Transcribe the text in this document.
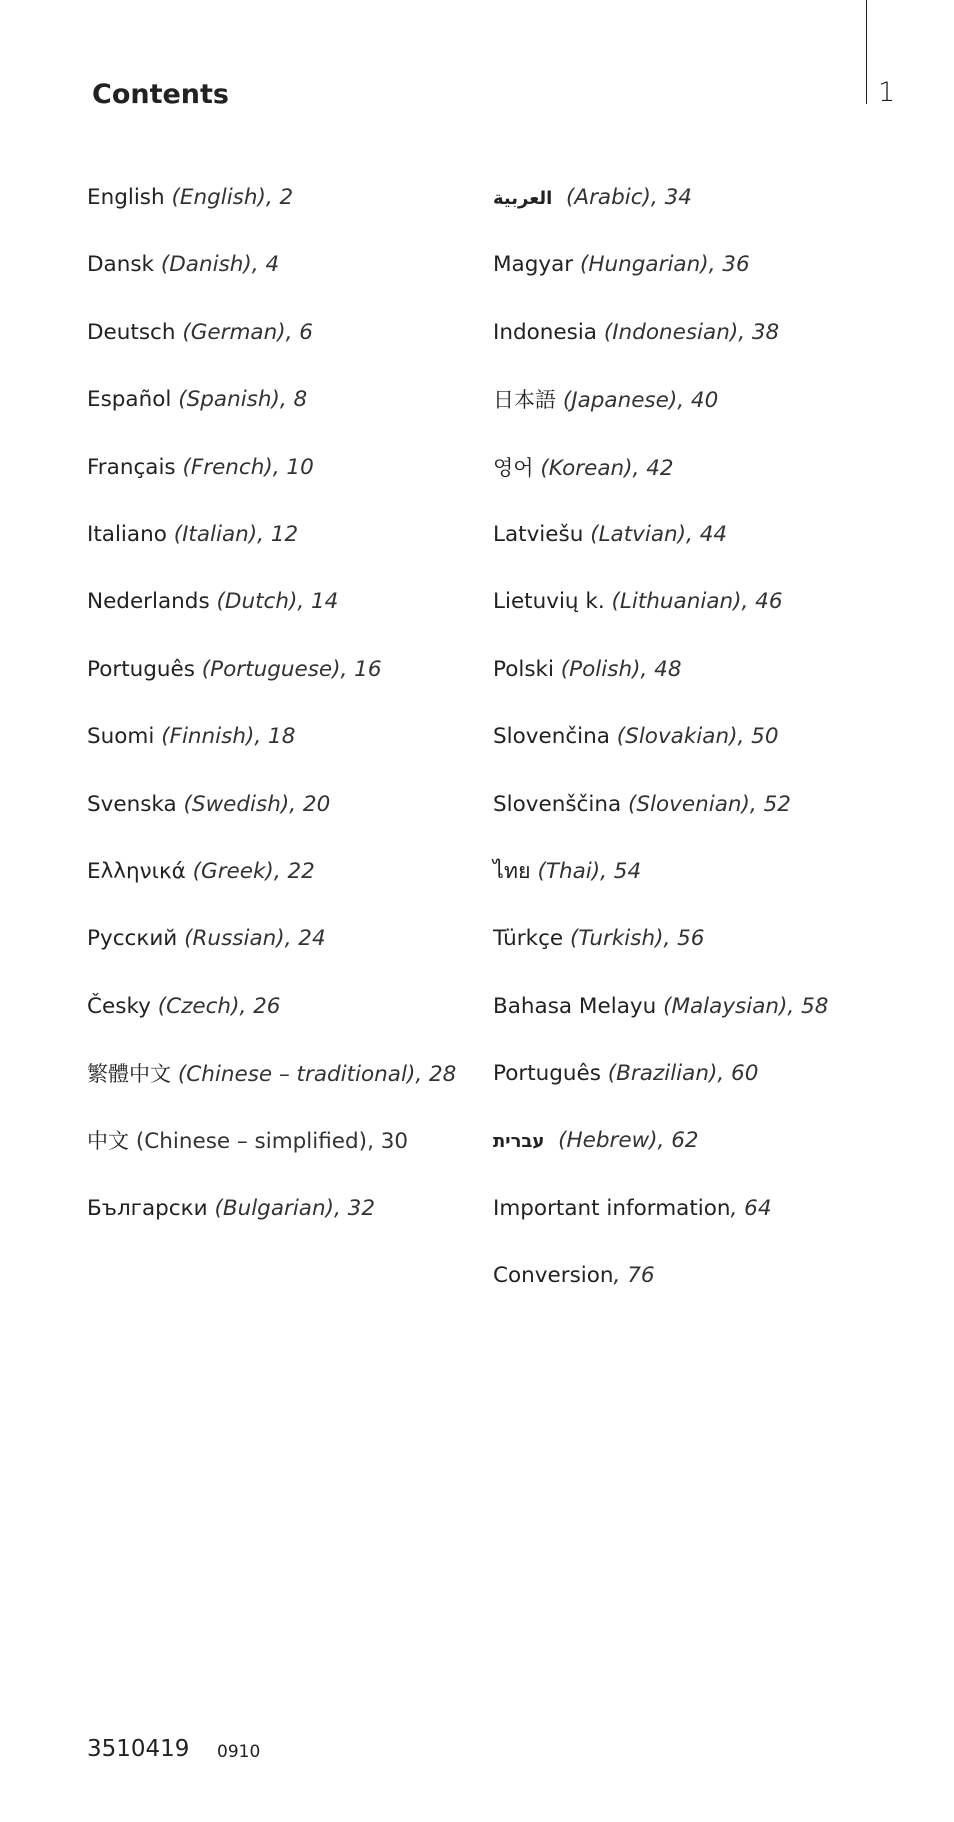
1
Contents
English (English), 2
Dansk (Danish), 4
Deutsch (German), 6
Español (Spanish), 8
Français (French), 10
Italiano (Italian), 12
Nederlands (Dutch), 14
Português (Portuguese), 16
Suomi (Finnish), 18
Svenska (Swedish), 20
Ελληνικά (Greek), 22
Русский (Russian), 24
Česky (Czech), 26
繁體中文 (Chinese – traditional), 28
中文 (Chinese – simplified), 30
Български (Bulgarian), 32
العربية (Arabic), 34
Magyar (Hungarian), 36
Indonesia (Indonesian), 38
日本語 (Japanese), 40
영어 (Korean), 42
Latviešu (Latvian), 44
Lietuvių k. (Lithuanian), 46
Polski (Polish), 48
Slovenčina (Slovakian), 50
Slovenščina (Slovenian), 52
ไทย (Thai), 54
Türkçe (Turkish), 56
Bahasa Melayu (Malaysian), 58
Português (Brazilian), 60
עברית (Hebrew), 62
Important information, 64
Conversion, 76
3510419 0910
